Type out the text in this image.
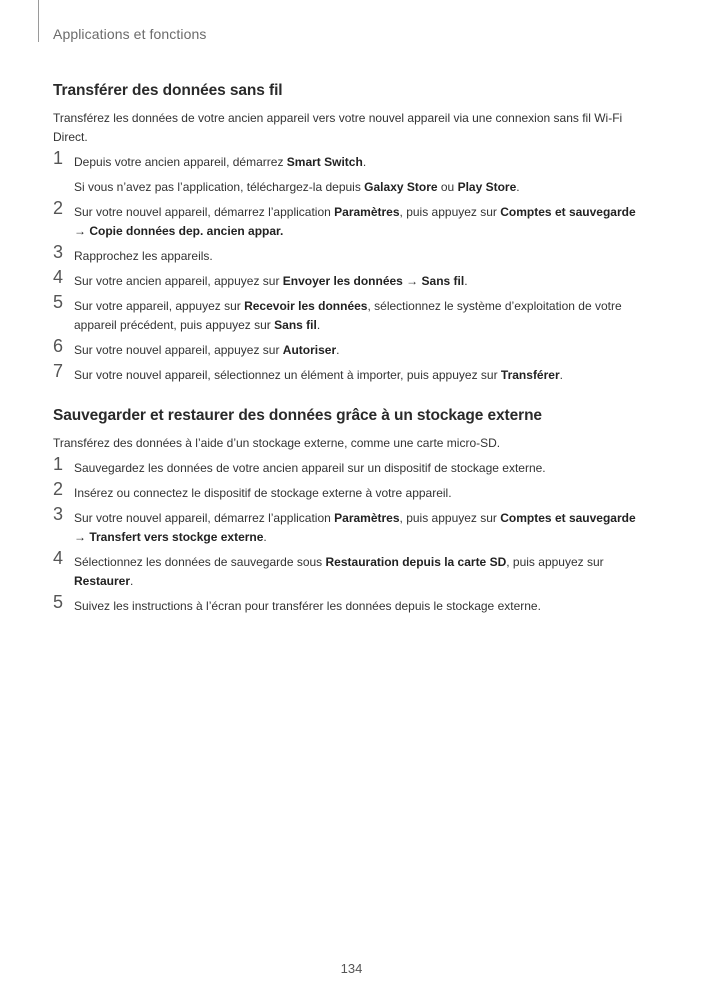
Applications et fonctions
Transférer des données sans fil

Transférez les données de votre ancien appareil vers votre nouvel appareil via une connexion sans fil Wi-Fi Direct.

1 Depuis votre ancien appareil, démarrez Smart Switch.
Si vous n’avez pas l’application, téléchargez-la depuis Galaxy Store ou Play Store.
2 Sur votre nouvel appareil, démarrez l’application Paramètres, puis appuyez sur Comptes et sauvegarde
→ Copie données dep. ancien appar.
3 Rapprochez les appareils.
4 Sur votre ancien appareil, appuyez sur Envoyer les données → Sans fil.
5 Sur votre appareil, appuyez sur Recevoir les données, sélectionnez le système d’exploitation de votre appareil précédent, puis appuyez sur Sans fil.
6 Sur votre nouvel appareil, appuyez sur Autoriser.
7 Sur votre nouvel appareil, sélectionnez un élément à importer, puis appuyez sur Transférer.
Sauvegarder et restaurer des données grâce à un stockage externe

Transférez des données à l’aide d’un stockage externe, comme une carte micro-SD.

1 Sauvegardez les données de votre ancien appareil sur un dispositif de stockage externe.
2 Insérez ou connectez le dispositif de stockage externe à votre appareil.
3 Sur votre nouvel appareil, démarrez l’application Paramètres, puis appuyez sur Comptes et sauvegarde
→ Transfert vers stockge externe.
4 Sélectionnez les données de sauvegarde sous Restauration depuis la carte SD, puis appuyez sur
Restaurer.
5 Suivez les instructions à l’écran pour transférer les données depuis le stockage externe.
134
